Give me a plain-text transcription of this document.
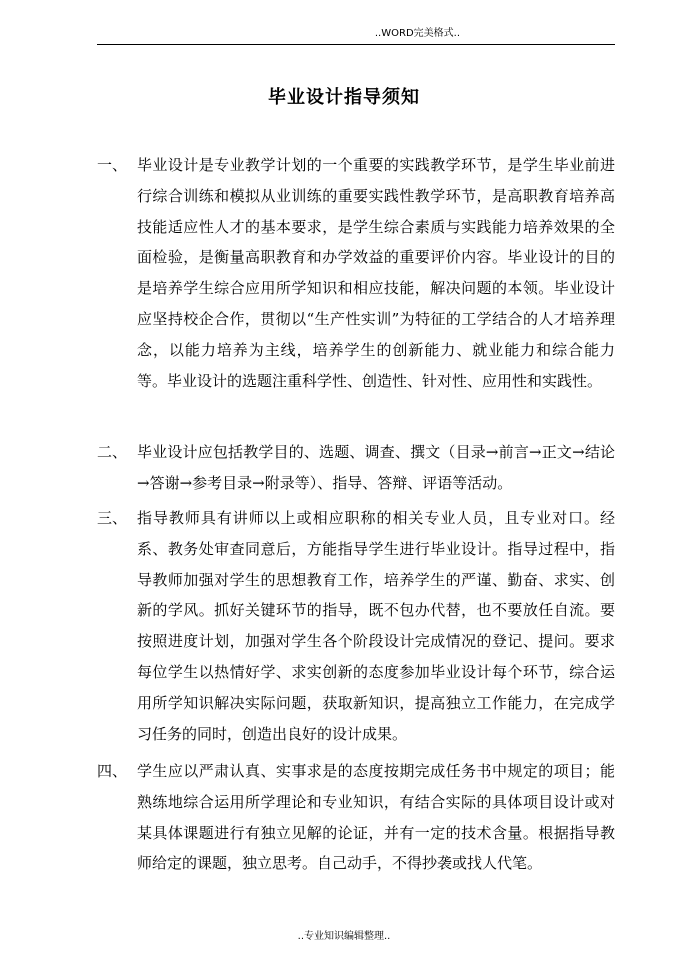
..WORD完美格式..
毕业设计指导须知
一、 毕业设计是专业教学计划的一个重要的实践教学环节，是学生毕业前进行综合训练和模拟从业训练的重要实践性教学环节，是高职教育培养高技能适应性人才的基本要求，是学生综合素质与实践能力培养效果的全面检验，是衡量高职教育和办学效益的重要评价内容。毕业设计的目的是培养学生综合应用所学知识和相应技能，解决问题的本领。毕业设计应坚持校企合作，贯彻以“生产性实训”为特征的工学结合的人才培养理念，以能力培养为主线，培养学生的创新能力、就业能力和综合能力等。毕业设计的选题注重科学性、创造性、针对性、应用性和实践性。
二、 毕业设计应包括教学目的、选题、调查、撰文（目录→前言→正文→结论→答谢→参考目录→附录等）、指导、答辩、评语等活动。
三、 指导教师具有讲师以上或相应职称的相关专业人员，且专业对口。经系、教务处审查同意后，方能指导学生进行毕业设计。指导过程中，指导教师加强对学生的思想教育工作，培养学生的严谨、勤奋、求实、创新的学风。抓好关键环节的指导，既不包办代替，也不要放任自流。要按照进度计划，加强对学生各个阶段设计完成情况的登记、提问。要求每位学生以热情好学、求实创新的态度参加毕业设计每个环节，综合运用所学知识解决实际问题，获取新知识，提高独立工作能力，在完成学习任务的同时，创造出良好的设计成果。
四、 学生应以严肃认真、实事求是的态度按期完成任务书中规定的项目；能熟练地综合运用所学理论和专业知识，有结合实际的具体项目设计或对某具体课题进行有独立见解的论证，并有一定的技术含量。根据指导教师给定的课题，独立思考。自己动手，不得抄袭或找人代笔。
..专业知识编辑整理..
